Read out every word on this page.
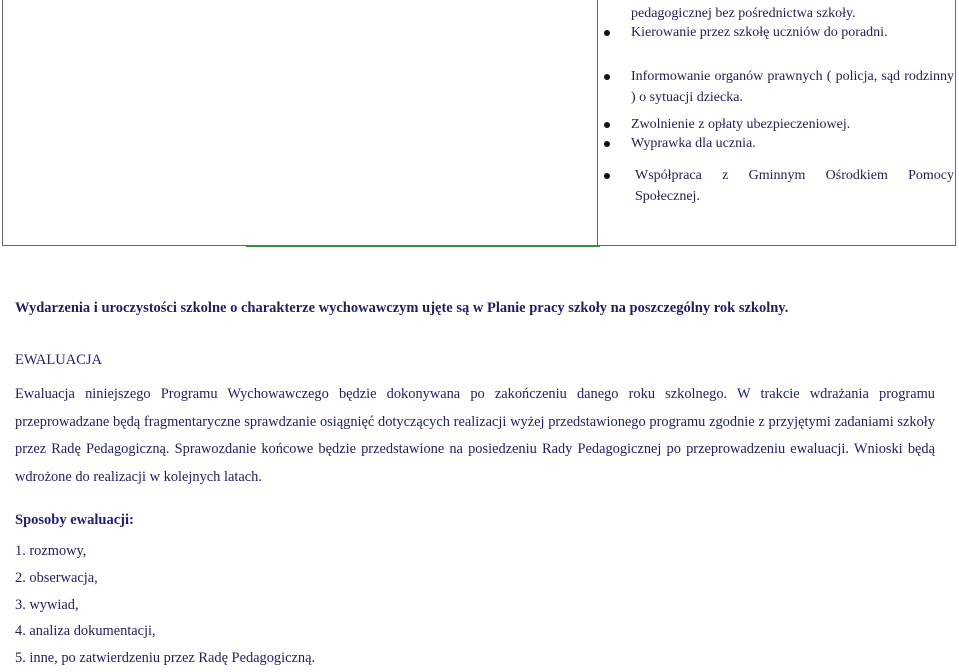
pedagogicznej bez pośrednictwa szkoły.
Kierowanie przez szkołę uczniów do poradni.
Informowanie organów prawnych ( policja, sąd rodzinny ) o sytuacji dziecka.
Zwolnienie z opłaty ubezpieczeniowej.
Wyprawka dla ucznia.
Współpraca z Gminnym Ośrodkiem Pomocy Społecznej.
Wydarzenia i uroczystości szkolne o charakterze wychowawczym ujęte są w Planie pracy szkoły na poszczególny rok szkolny.
EWALUACJA
Ewaluacja niniejszego Programu Wychowawczego będzie dokonywana po zakończeniu danego roku szkolnego. W trakcie wdrażania programu przeprowadzane będą fragmentaryczne sprawdzanie osiągnięć dotyczących realizacji wyżej przedstawionego programu zgodnie z przyjętymi zadaniami szkoły przez Radę Pedagogiczną. Sprawozdanie końcowe będzie przedstawione na posiedzeniu Rady Pedagogicznej po przeprowadzeniu ewaluacji. Wnioski będą wdrożone do realizacji w kolejnych latach.
Sposoby ewaluacji:
1. rozmowy,
2. obserwacja,
3. wywiad,
4. analiza dokumentacji,
5. inne, po zatwierdzeniu przez Radę Pedagogiczną.
